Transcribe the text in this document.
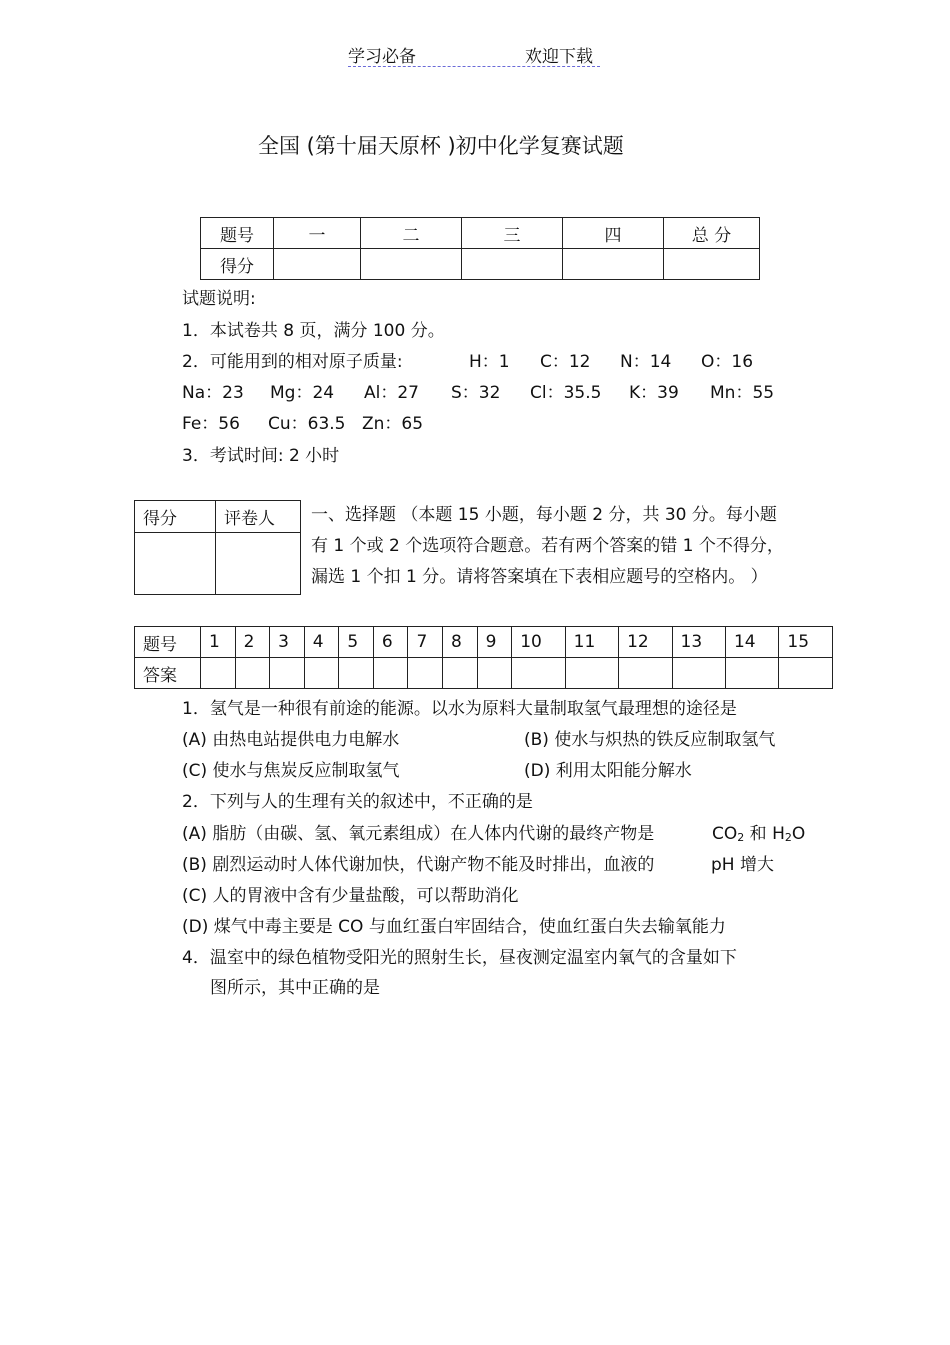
学习必备	欢迎下载
全国 (第十届天原杯 )初中化学复赛试题
题号	一	二	三	四	总 分
得分					
试题说明:
1．本试卷共 8 页，满分 100 分。
2．可能用到的相对原子质量:	H：1 C：12 N：14 O：16
Na：23 Mg：24 Al：27 S：32 Cl：35.5 K：39 Mn：55
Fe：56 Cu：63.5 Zn：65
3．考试时间: 2 小时
得分	评卷人
	一、选择题 （本题 15 小题，每小题 2 分，共 30 分。每小题
有 1 个或 2 个选项符合题意。若有两个答案的错 1 个不得分，
漏选 1 个扣 1 分。请将答案填在下表相应题号的空格内。 ）
题号	1	2	3	4	5	6	7	8	9	10	11	12	13	14	15
答案															
1．氢气是一种很有前途的能源。以水为原料大量制取氢气最理想的途径是
(A) 由热电站提供电力电解水	(B) 使水与炽热的铁反应制取氢气
(C) 使水与焦炭反应制取氢气	(D) 利用太阳能分解水
2．下列与人的生理有关的叙述中，不正确的是
(A) 脂肪（由碳、氢、氧元素组成）在人体内代谢的最终产物是	$CO_2$ 和 $H_2O$
(B) 剧烈运动时人体代谢加快，代谢产物不能及时排出，血液的	pH 增大
(C) 人的胃液中含有少量盐酸，可以帮助消化
(D) 煤气中毒主要是 CO 与血红蛋白牢固结合，使血红蛋白失去输氧能力
4．温室中的绿色植物受阳光的照射生长，昼夜测定温室内氧气的含量如下
图所示，其中正确的是
